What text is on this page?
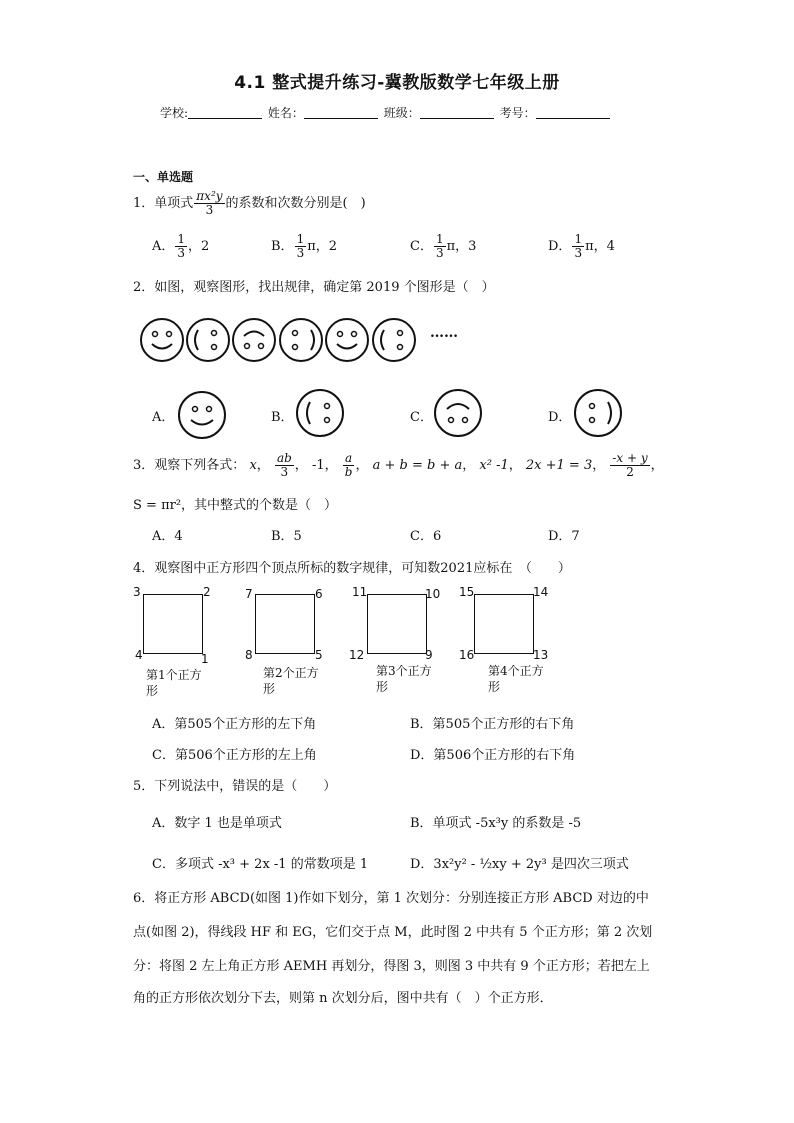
4.1 整式提升练习-冀教版数学七年级上册
学校:	姓名：	班级：	考号：
一、单选题
1．单项式 $\frac{\text{πx²y}}{3}$ 的系数和次数分别是(　)
A． $\frac{1}{3}$ ，2	B． $\frac{1}{3}$ π，2	C． $\frac{1}{3}$ π，3	D． $\frac{1}{3}$ π，4
2．如图，观察图形，找出规律，确定第 2019 个图形是（　）
……
A．	B．	C．	D．
3．观察下列各式： x， $\frac{ab}{3}$ ， -1， $\frac{a}{b}$ ， a + b = b + a， x² -1， 2x +1 = 3， $\frac{-x + y}{2}$ ，
S = πr²，其中整式的个数是（　）
A．4	B．5	C．6	D．7
4．观察图中正方形四个顶点所标的数字规律，可知数2021应标在　（　　）
3	2
4	1
第1个正方形
7	6
8	5
第2个正方形
11	10
12	9
第3个正方形
15	14
16	13
第4个正方形
A．第505个正方形的左下角	B．第505个正方形的右下角
C．第506个正方形的左上角	D．第506个正方形的右下角
5．下列说法中，错误的是（　　）
A．数字 1 也是单项式	B．单项式 -5x³y 的系数是 -5
C．多项式 -x³ + 2x -1 的常数项是 1	D．3x²y² - ½xy + 2y³ 是四次三项式
6．将正方形 ABCD(如图 1)作如下划分，第 1 次划分：分别连接正方形 ABCD 对边的中
点(如图 2)，得线段 HF 和 EG，它们交于点 M，此时图 2 中共有 5 个正方形；第 2 次划
分：将图 2 左上角正方形 AEMH 再划分，得图 3，则图 3 中共有 9 个正方形；若把左上
角的正方形依次划分下去，则第 n 次划分后，图中共有（　）个正方形．
